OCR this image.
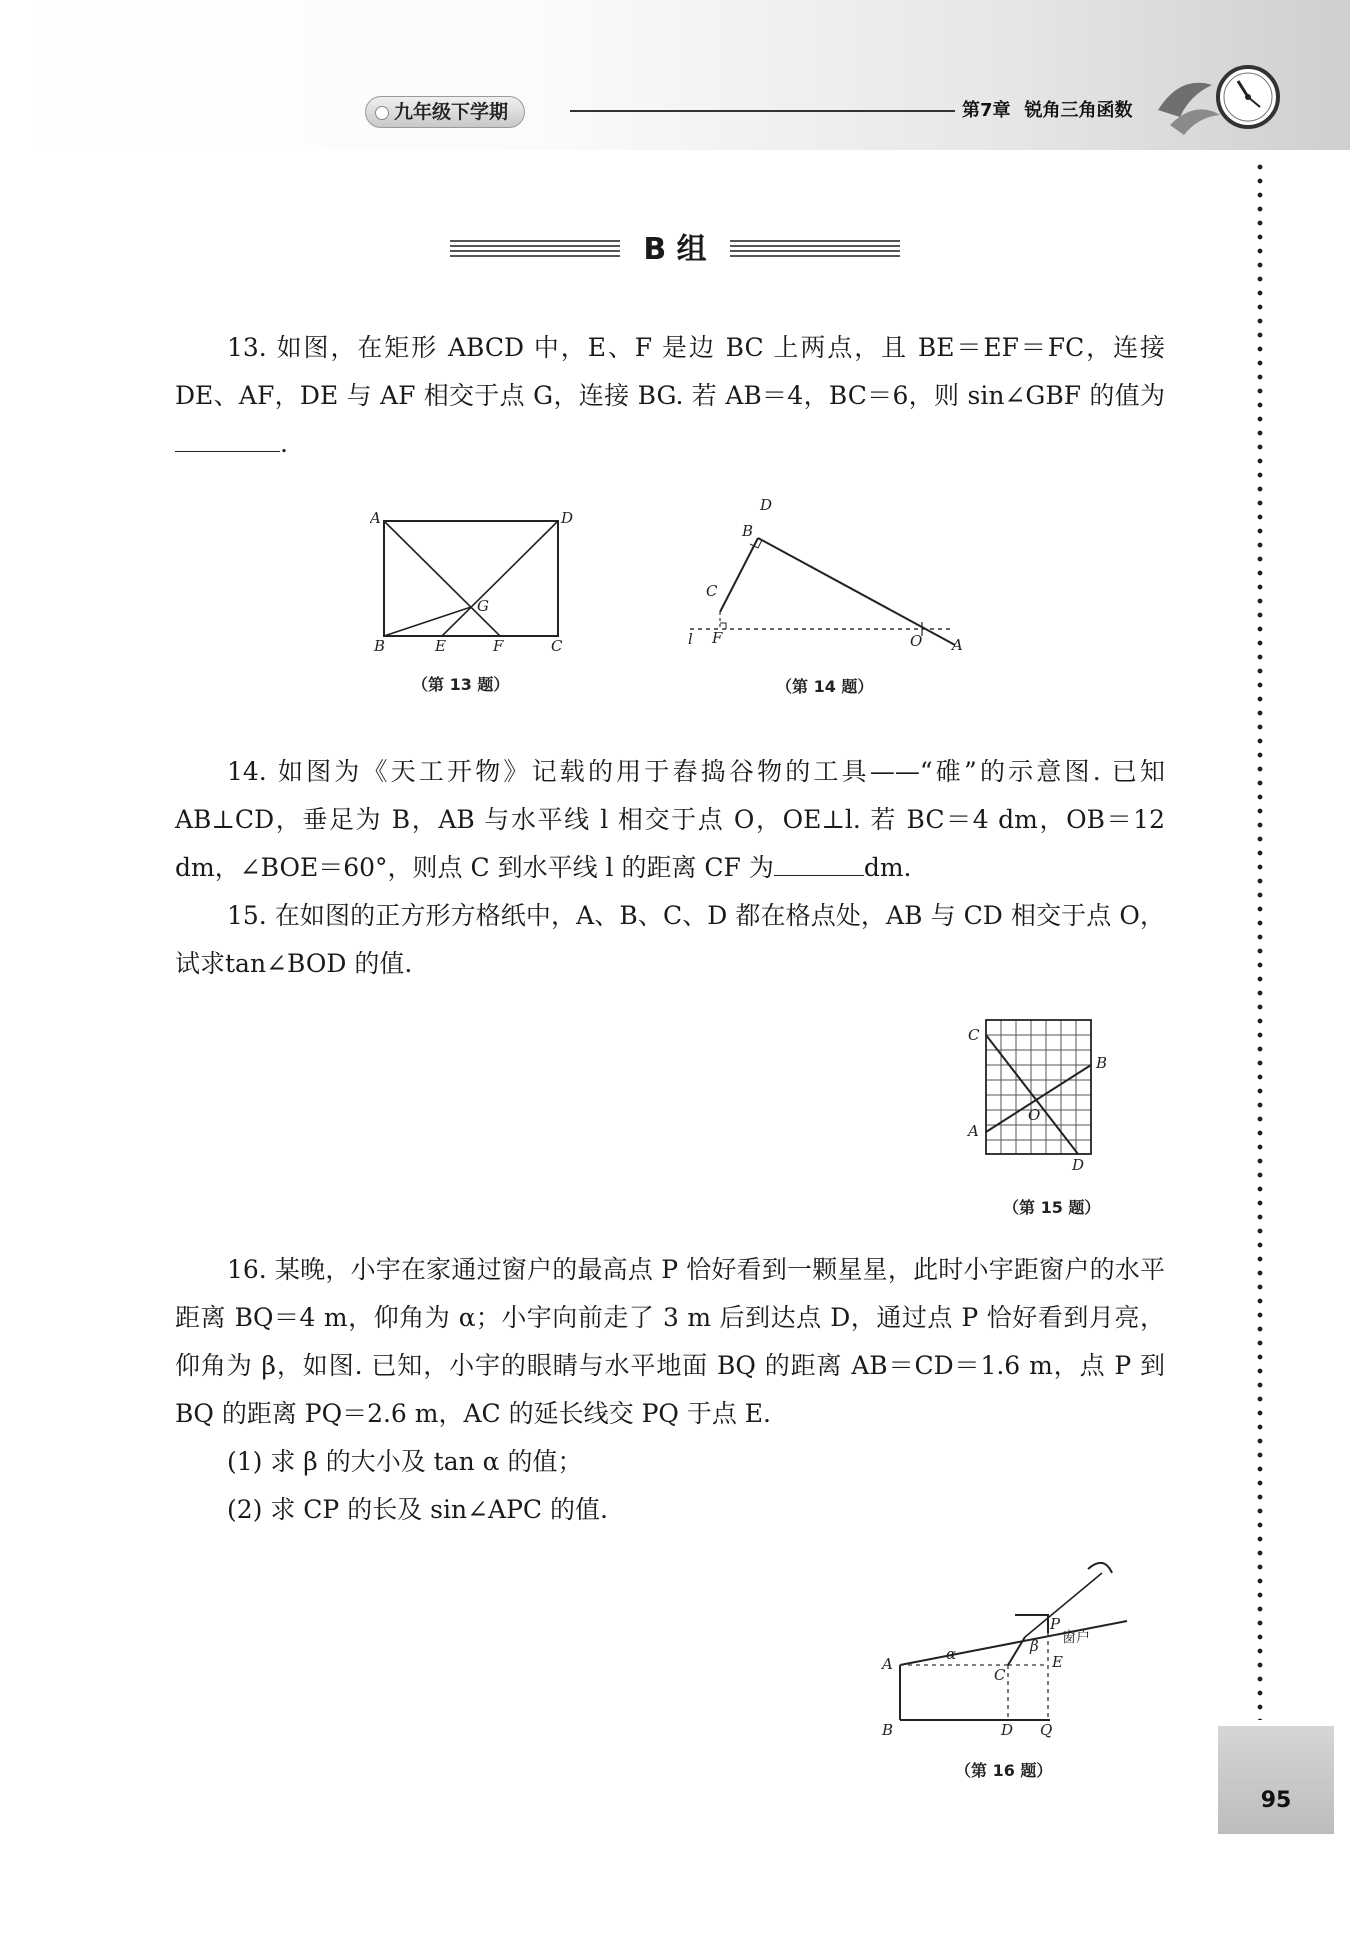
九年级下学期	第7章 锐角三角函数
95
B 组
13. 如图，在矩形 ABCD 中，E、F 是边 BC 上两点，且 BE＝EF＝FC，连接 DE、AF，DE 与 AF 相交于点 G，连接 BG. 若 AB＝4，BC＝6，则 sin∠GBF 的值为.
A	D
B	E	F	C
G
（第 13 题）
D
B
C
l F	O A
（第 14 题）
14. 如图为《天工开物》记载的用于舂捣谷物的工具——“碓”的示意图. 已知 AB⊥CD，垂足为 B，AB 与水平线 l 相交于点 O，OE⊥l. 若 BC＝4 dm，OB＝12 dm，∠BOE＝60°，则点 C 到水平线 l 的距离 CF 为	dm.
15. 在如图的正方形方格纸中，A、B、C、D 都在格点处，AB 与 CD 相交于点 O，试求tan∠BOD 的值.
C
B
A
O
D
（第 15 题）
16. 某晚，小宇在家通过窗户的最高点 P 恰好看到一颗星星，此时小宇距窗户的水平距离 BQ＝4 m，仰角为 α；小宇向前走了 3 m 后到达点 D，通过点 P 恰好看到月亮，仰角为 β，如图. 已知，小宇的眼睛与水平地面 BQ 的距离 AB＝CD＝1.6 m，点 P 到BQ 的距离 PQ＝2.6 m，AC 的延长线交 PQ 于点 E.
(1) 求 β 的大小及 tan α 的值；
(2) 求 CP 的长及 sin∠APC 的值.
A
B
C
D
E
P
Q
α	β 窗户
（第 16 题）
